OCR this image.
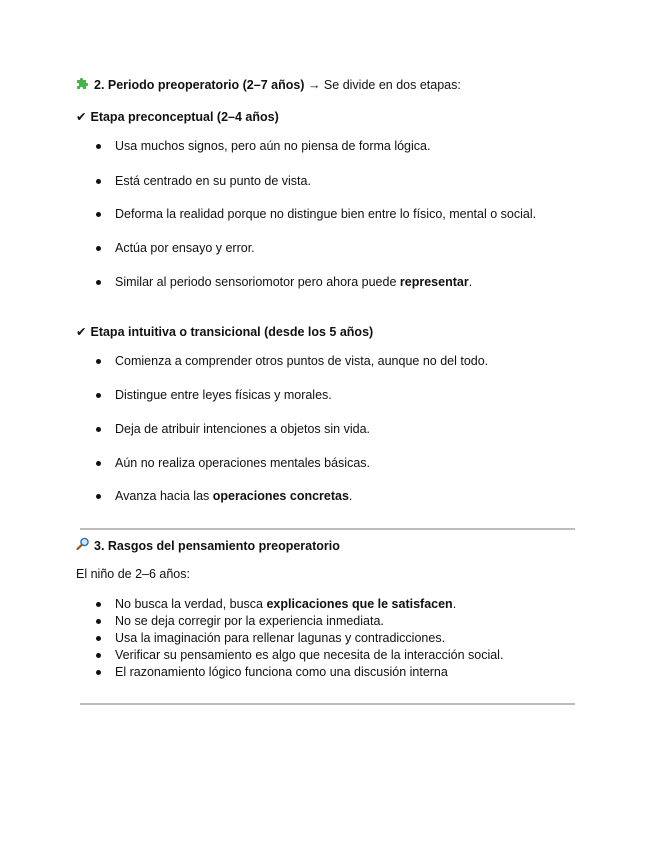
2. Periodo preoperatorio (2–7 años) → Se divide en dos etapas:
✔ Etapa preconceptual (2–4 años)
Usa muchos signos, pero aún no piensa de forma lógica.
Está centrado en su punto de vista.
Deforma la realidad porque no distingue bien entre lo físico, mental o social.
Actúa por ensayo y error.
Similar al periodo sensoriomotor pero ahora puede representar.
✔ Etapa intuitiva o transicional (desde los 5 años)
Comienza a comprender otros puntos de vista, aunque no del todo.
Distingue entre leyes físicas y morales.
Deja de atribuir intenciones a objetos sin vida.
Aún no realiza operaciones mentales básicas.
Avanza hacia las operaciones concretas.
3. Rasgos del pensamiento preoperatorio
El niño de 2–6 años:
No busca la verdad, busca explicaciones que le satisfacen.
No se deja corregir por la experiencia inmediata.
Usa la imaginación para rellenar lagunas y contradicciones.
Verificar su pensamiento es algo que necesita de la interacción social.
El razonamiento lógico funciona como una discusión interna
